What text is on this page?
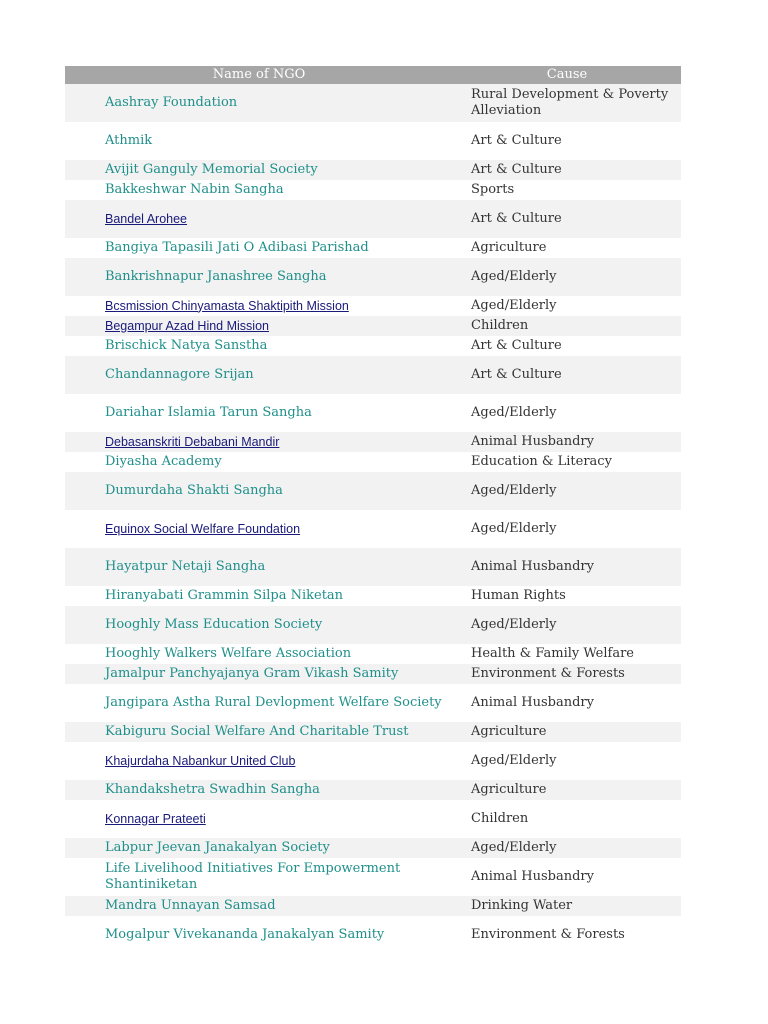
Name of NGO	Cause
Aashray Foundation	Rural Development & Poverty Alleviation
Athmik	Art & Culture
Avijit Ganguly Memorial Society	Art & Culture
Bakkeshwar Nabin Sangha	Sports
Bandel Arohee	Art & Culture
Bangiya Tapasili Jati O Adibasi Parishad	Agriculture
Bankrishnapur Janashree Sangha	Aged/Elderly
Bcsmission Chinyamasta Shaktipith Mission	Aged/Elderly
Begampur Azad Hind Mission	Children
Brischick Natya Sanstha	Art & Culture
Chandannagore Srijan	Art & Culture
Dariahar Islamia Tarun Sangha	Aged/Elderly
Debasanskriti Debabani Mandir	Animal Husbandry
Diyasha Academy	Education & Literacy
Dumurdaha Shakti Sangha	Aged/Elderly
Equinox Social Welfare Foundation	Aged/Elderly
Hayatpur Netaji Sangha	Animal Husbandry
Hiranyabati Grammin Silpa Niketan	Human Rights
Hooghly Mass Education Society	Aged/Elderly
Hooghly Walkers Welfare Association	Health & Family Welfare
Jamalpur Panchyajanya Gram Vikash Samity	Environment & Forests
Jangipara Astha Rural Devlopment Welfare Society	Animal Husbandry
Kabiguru Social Welfare And Charitable Trust	Agriculture
Khajurdaha Nabankur United Club	Aged/Elderly
Khandakshetra Swadhin Sangha	Agriculture
Konnagar Prateeti	Children
Labpur Jeevan Janakalyan Society	Aged/Elderly
Life Livelihood Initiatives For Empowerment Shantiniketan	Animal Husbandry
Mandra Unnayan Samsad	Drinking Water
Mogalpur Vivekananda Janakalyan Samity	Environment & Forests
